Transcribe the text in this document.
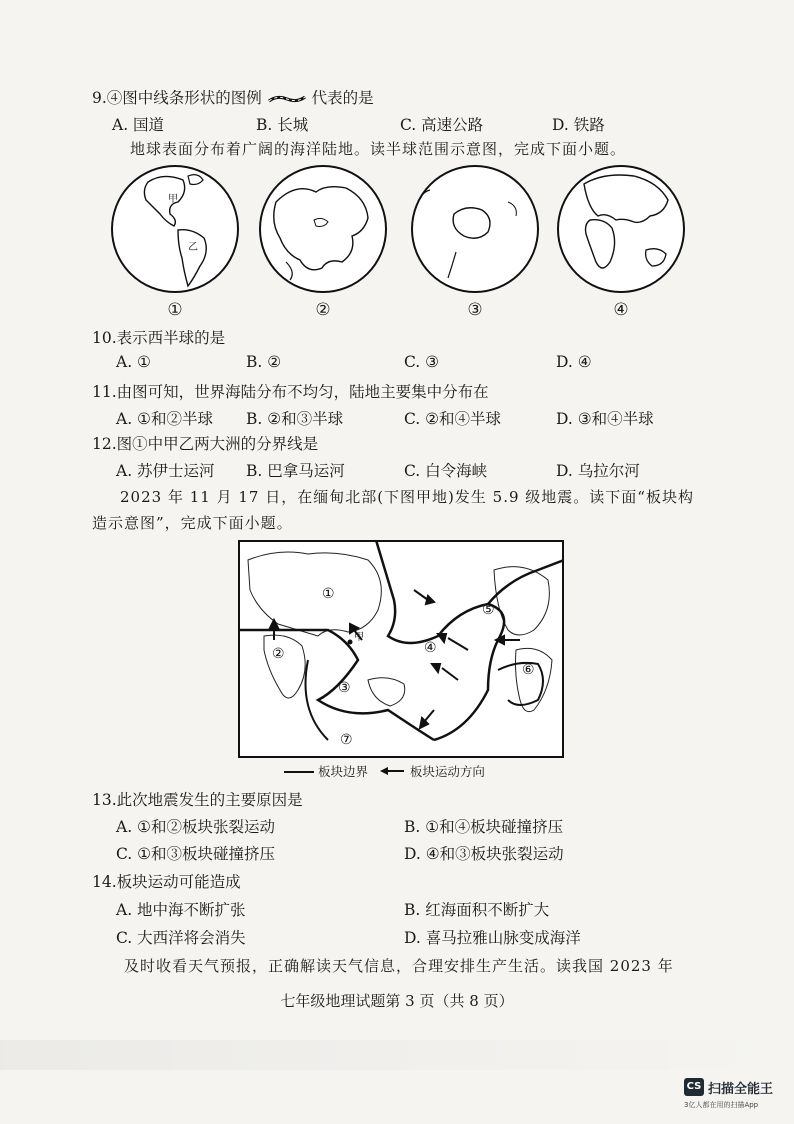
9.④图中线条形状的图例	代表的是
A. 国道	B. 长城	C. 高速公路	D. 铁路
地球表面分布着广阔的海洋陆地。读半球范围示意图，完成下面小题。
甲
乙
①	②	③	④
10.表示西半球的是
A. ①	B. ②	C. ③	D. ④
11.由图可知，世界海陆分布不均匀，陆地主要集中分布在
A. ①和②半球 B. ②和③半球	C. ②和④半球	D. ③和④半球
12.图①中甲乙两大洲的分界线是
A. 苏伊士运河 B. 巴拿马运河	C. 白令海峡	D. 乌拉尔河
2023 年 11 月 17 日，在缅甸北部(下图甲地)发生 5.9 级地震。读下面“板块构
造示意图”，完成下面小题。
①
②
③
④
⑤
⑥
⑦
甲
板块边界	板块运动方向
13.此次地震发生的主要原因是
A. ①和②板块张裂运动	B. ①和④板块碰撞挤压
C. ①和③板块碰撞挤压	D. ④和③板块张裂运动
14.板块运动可能造成
A. 地中海不断扩张	B. 红海面积不断扩大
C. 大西洋将会消失	D. 喜马拉雅山脉变成海洋
及时收看天气预报，正确解读天气信息，合理安排生产生活。读我国 2023 年
七年级地理试题第 3 页（共 8 页）
CS 扫描全能王
3亿人都在用的扫描App
